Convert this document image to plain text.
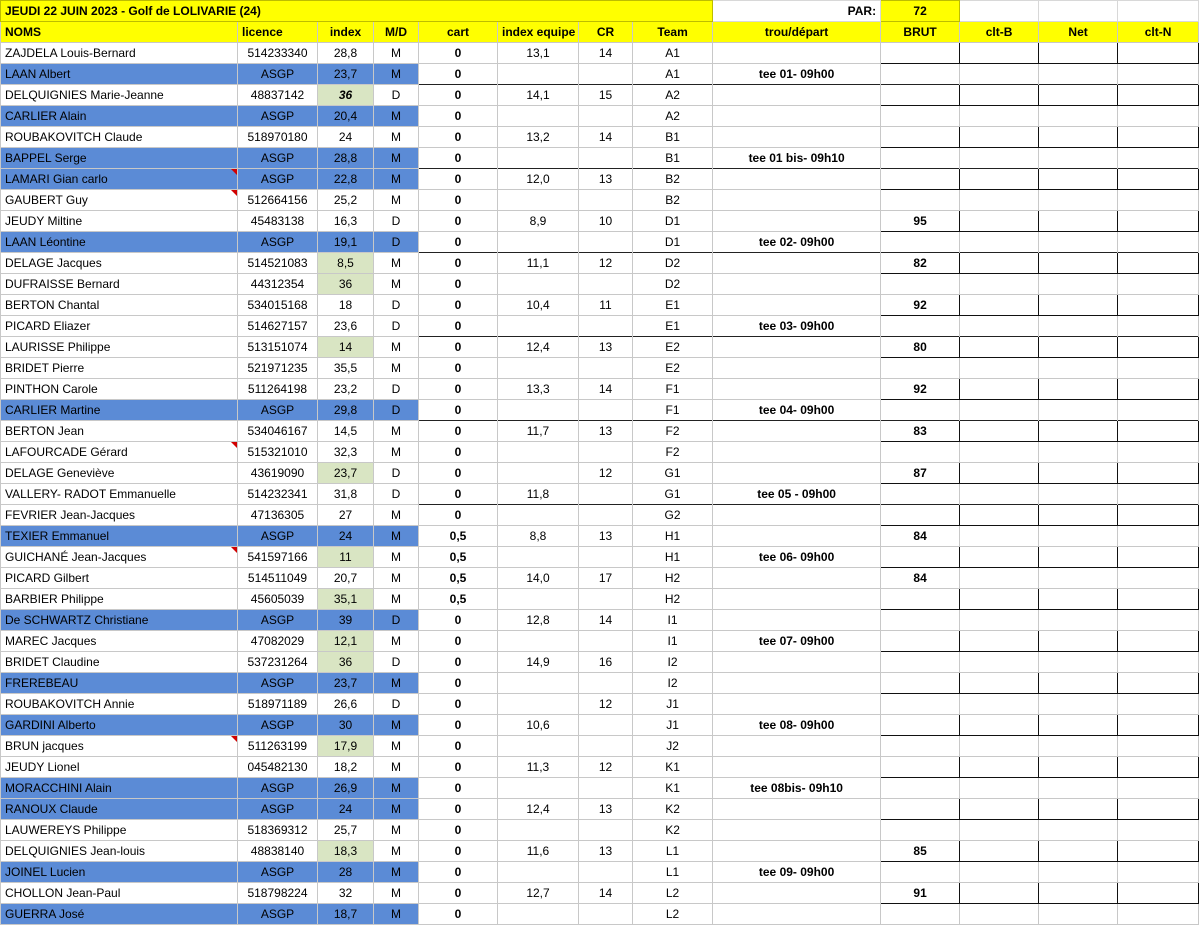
JEUDI 22 JUIN 2023 - Golf de LOLIVARIE (24)								PAR:	72			
NOMS	licence	index	M/D	cart	index equipe	CR	Team	trou/départ	BRUT	clt-B	Net	clt-N
ZAJDELA Louis-Bernard	514233340	28,8	M	0	13,1	14	A1					
LAAN Albert	ASGP	23,7	M	0			A1	tee 01- 09h00				
DELQUIGNIES Marie-Jeanne	48837142	36	D	0	14,1	15	A2					
CARLIER Alain	ASGP	20,4	M	0			A2					
ROUBAKOVITCH Claude	518970180	24	M	0	13,2	14	B1					
BAPPEL Serge	ASGP	28,8	M	0			B1	tee 01 bis- 09h10				
LAMARI Gian carlo	ASGP	22,8	M	0	12,0	13	B2					
GAUBERT Guy	512664156	25,2	M	0			B2					
JEUDY Miltine	45483138	16,3	D	0	8,9	10	D1		95			
LAAN Léontine	ASGP	19,1	D	0			D1	tee 02- 09h00				
DELAGE Jacques	514521083	8,5	M	0	11,1	12	D2		82			
DUFRAISSE Bernard	44312354	36	M	0			D2					
BERTON Chantal	534015168	18	D	0	10,4	11	E1		92			
PICARD Eliazer	514627157	23,6	D	0			E1	tee 03- 09h00				
LAURISSE Philippe	513151074	14	M	0	12,4	13	E2		80			
BRIDET Pierre	521971235	35,5	M	0			E2					
PINTHON Carole	511264198	23,2	D	0	13,3	14	F1		92			
CARLIER Martine	ASGP	29,8	D	0			F1	tee 04- 09h00				
BERTON Jean	534046167	14,5	M	0	11,7	13	F2		83			
LAFOURCADE Gérard	515321010	32,3	M	0			F2					
DELAGE Geneviève	43619090	23,7	D	0		12	G1		87			
VALLERY- RADOT Emmanuelle	514232341	31,8	D	0	11,8		G1	tee 05 - 09h00				
FEVRIER Jean-Jacques	47136305	27	M	0			G2					
TEXIER Emmanuel	ASGP	24	M	0,5	8,8	13	H1		84			
GUICHANÉ Jean-Jacques	541597166	11	M	0,5			H1	tee 06- 09h00				
PICARD Gilbert	514511049	20,7	M	0,5	14,0	17	H2		84			
BARBIER Philippe	45605039	35,1	M	0,5			H2					
De SCHWARTZ Christiane	ASGP	39	D	0	12,8	14	I1					
MAREC Jacques	47082029	12,1	M	0			I1	tee 07- 09h00				
BRIDET Claudine	537231264	36	D	0	14,9	16	I2					
FREREBEAU	ASGP	23,7	M	0			I2					
ROUBAKOVITCH Annie	518971189	26,6	D	0		12	J1					
GARDINI Alberto	ASGP	30	M	0	10,6		J1	tee 08- 09h00				
BRUN jacques	511263199	17,9	M	0			J2					
JEUDY Lionel	045482130	18,2	M	0	11,3	12	K1					
MORACCHINI Alain	ASGP	26,9	M	0			K1	tee 08bis- 09h10				
RANOUX Claude	ASGP	24	M	0	12,4	13	K2					
LAUWEREYS Philippe	518369312	25,7	M	0			K2					
DELQUIGNIES Jean-louis	48838140	18,3	M	0	11,6	13	L1		85			
JOINEL Lucien	ASGP	28	M	0			L1	tee 09- 09h00				
CHOLLON Jean-Paul	518798224	32	M	0	12,7	14	L2		91			
GUERRA José	ASGP	18,7	M	0			L2					
